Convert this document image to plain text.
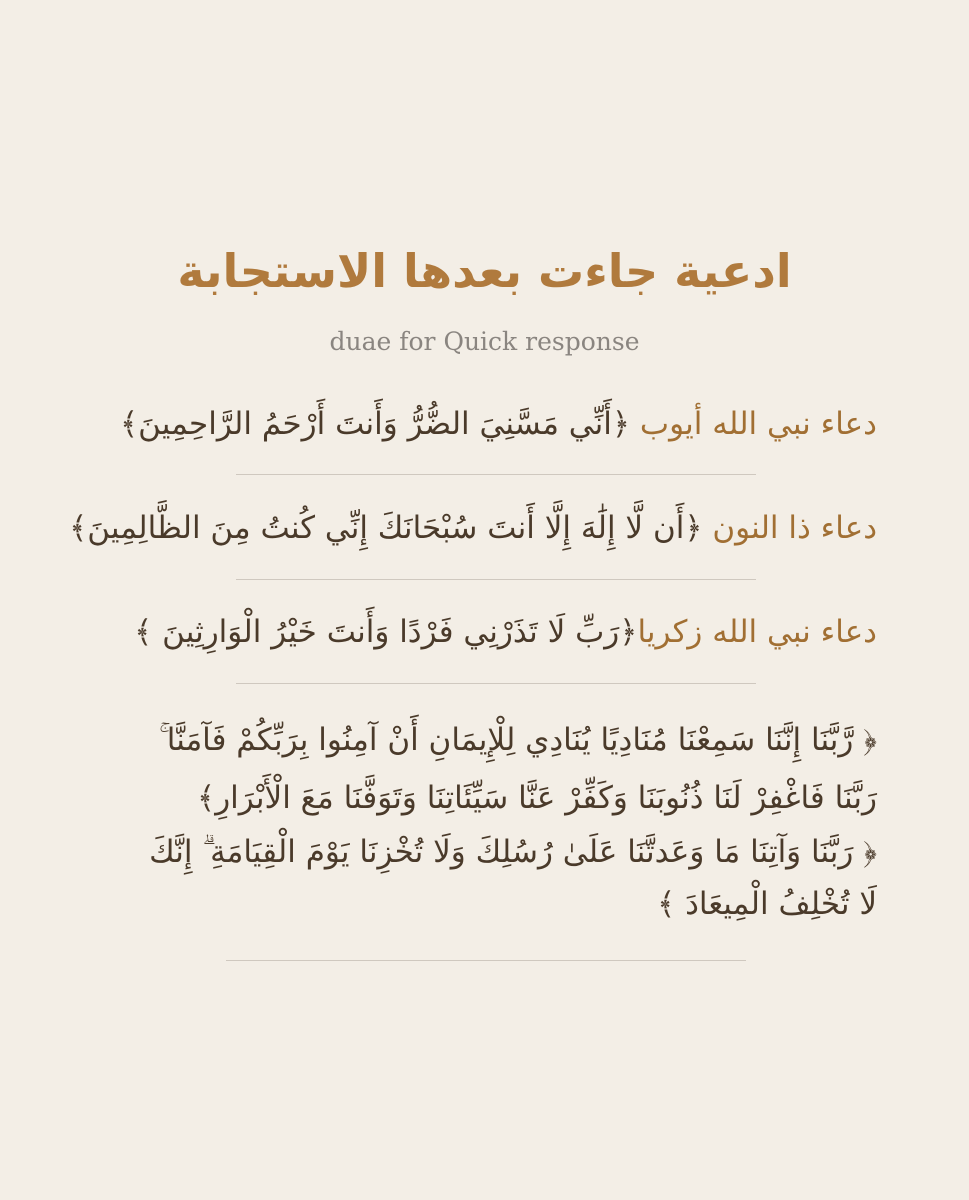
ادعية جاءت بعدها الاستجابة
duae for Quick response
دعاء نبي الله أيوب ﴿أَنِّي مَسَّنِيَ الضُّرُّ وَأَنتَ أَرْحَمُ الرَّاحِمِينَ﴾
دعاء ذا النون ﴿أَن لَّا إِلَٰهَ إِلَّا أَنتَ سُبْحَانَكَ إِنِّي كُنتُ مِنَ الظَّالِمِينَ﴾
دعاء نبي الله زكريا﴿رَبِّ لَا تَذَرْنِي فَرْدًا وَأَنتَ خَيْرُ الْوَارِثِينَ ﴾
﴿ رَّبَّنَا إِنَّنَا سَمِعْنَا مُنَادِيًا يُنَادِي لِلْإِيمَانِ أَنْ آمِنُوا بِرَبِّكُمْ فَآمَنَّا ۚ
رَبَّنَا فَاغْفِرْ لَنَا ذُنُوبَنَا وَكَفِّرْ عَنَّا سَيِّئَاتِنَا وَتَوَفَّنَا مَعَ الْأَبْرَارِ﴾
﴿ رَبَّنَا وَآتِنَا مَا وَعَدتَّنَا عَلَىٰ رُسُلِكَ وَلَا تُخْزِنَا يَوْمَ الْقِيَامَةِ ۗ إِنَّكَ
لَا تُخْلِفُ الْمِيعَادَ ﴾
